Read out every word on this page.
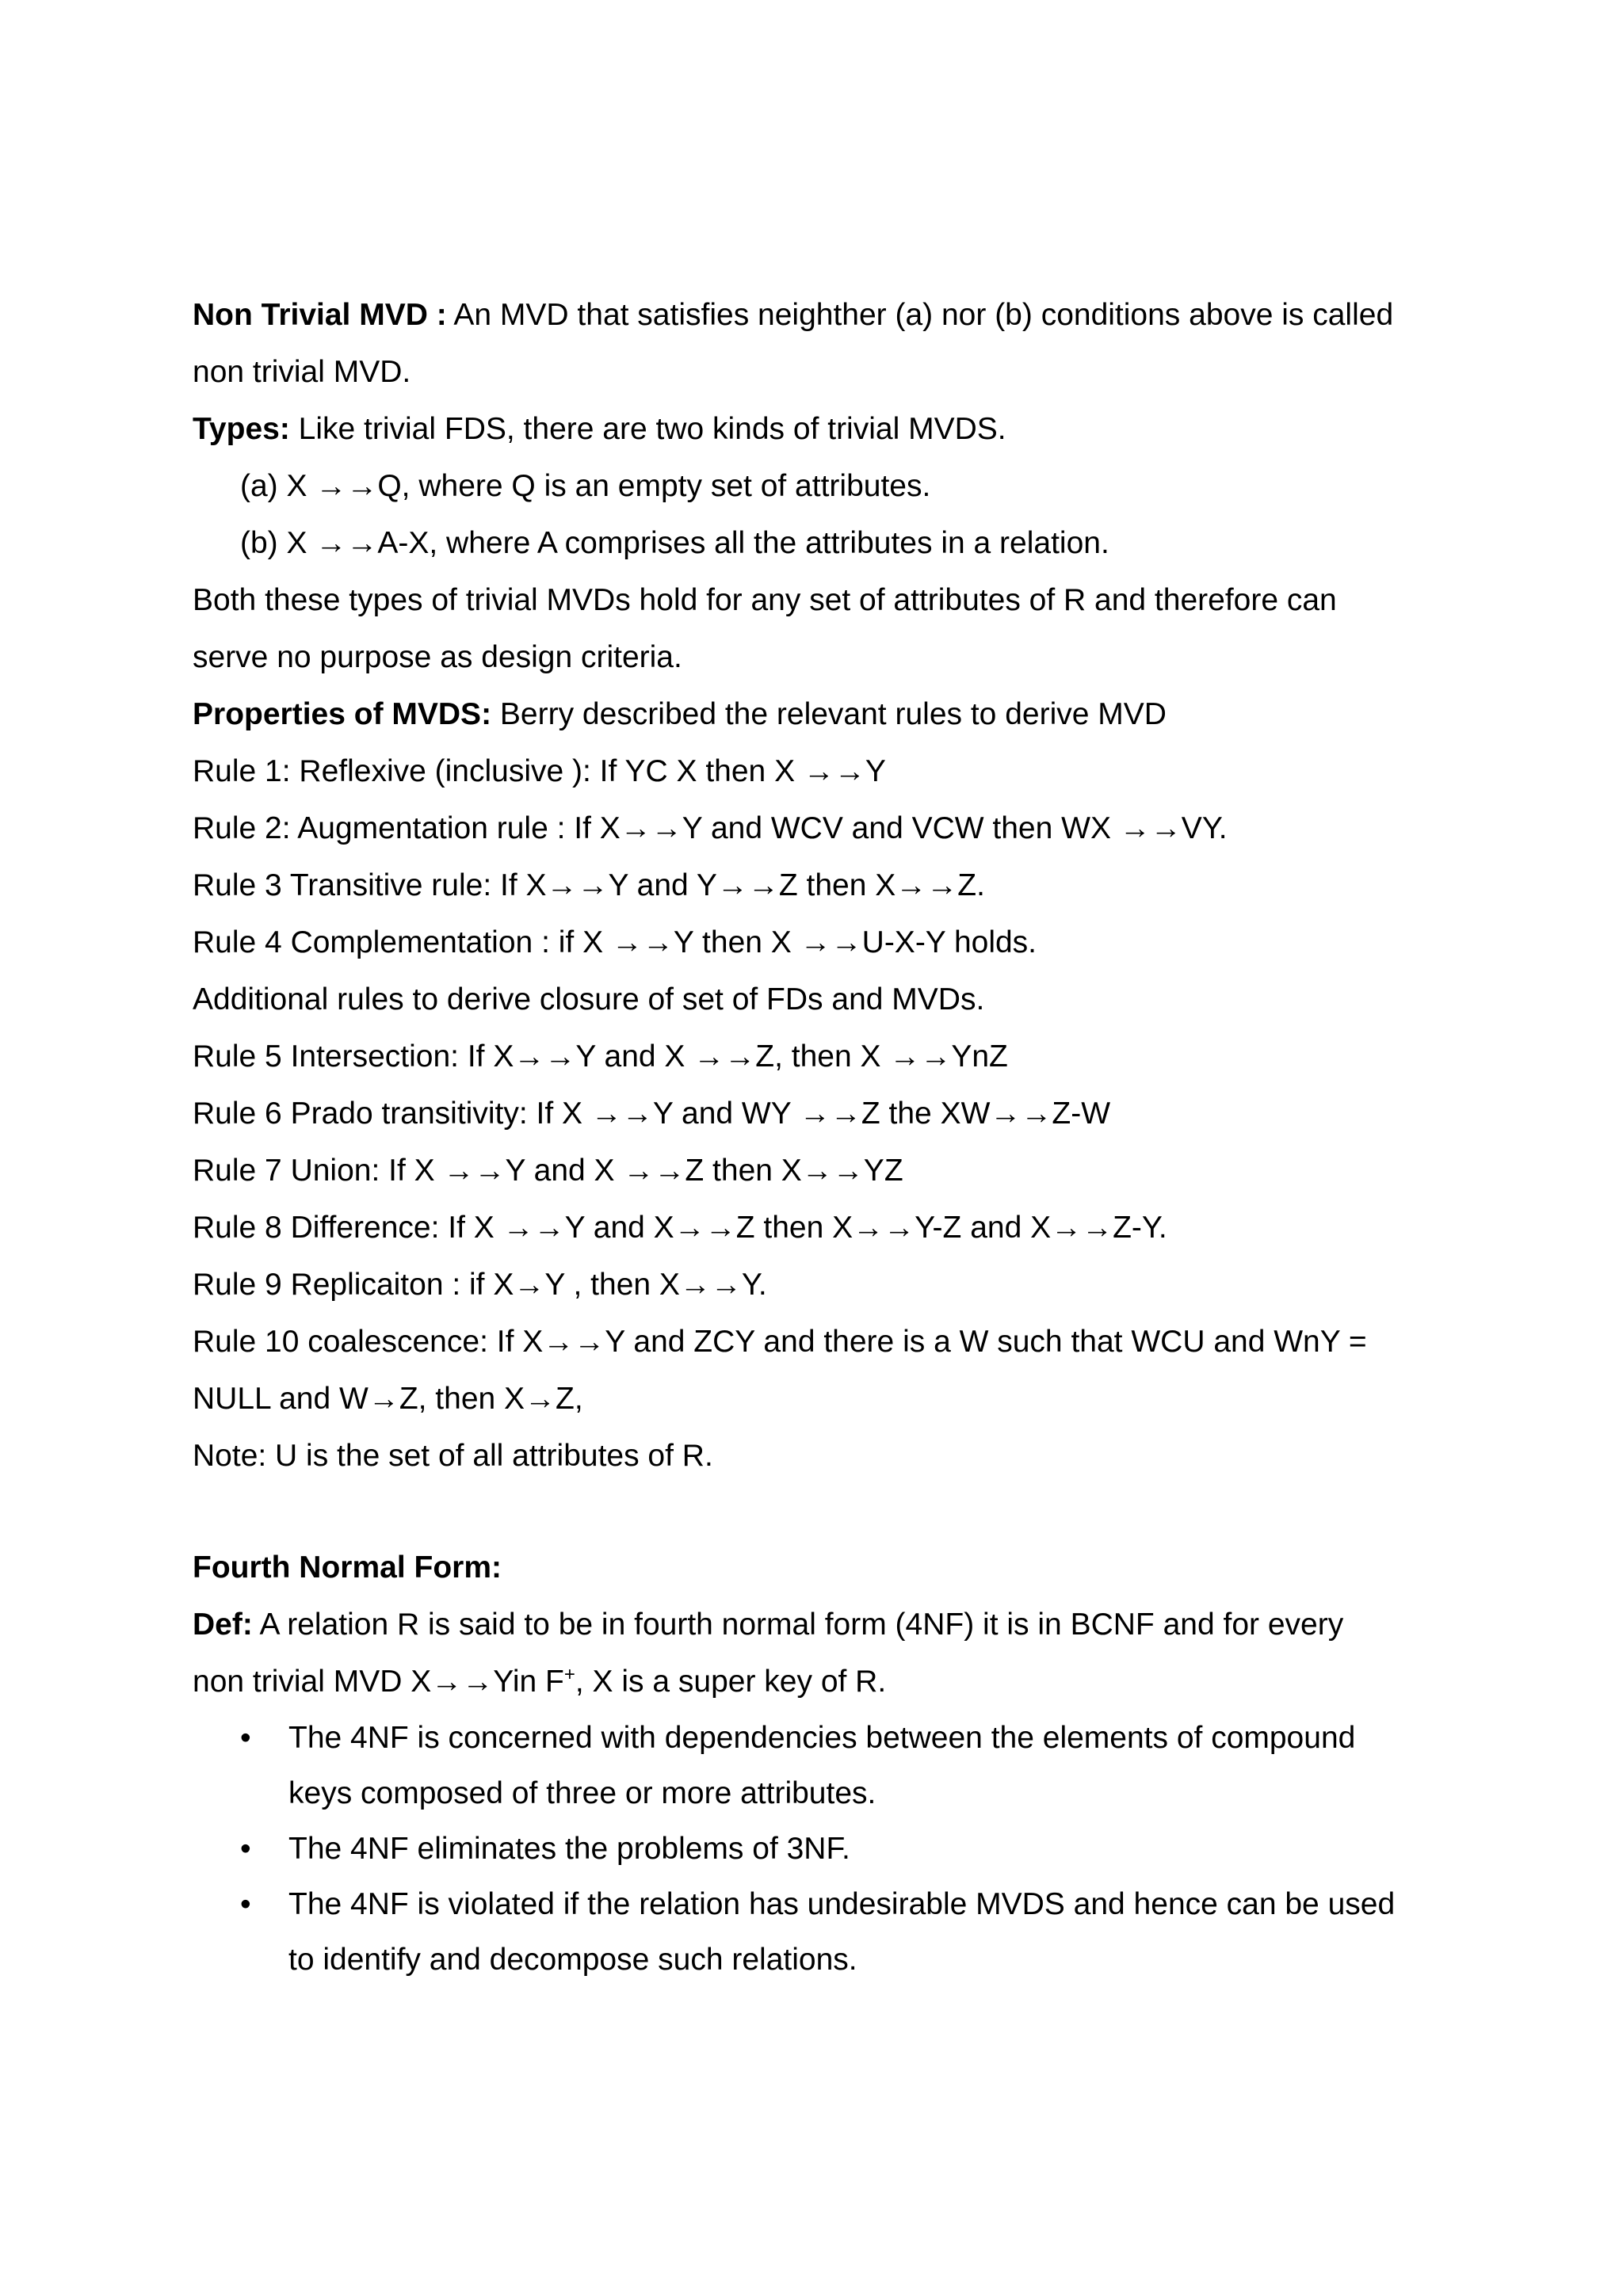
Non Trivial MVD : An MVD that satisfies neighther (a) nor (b) conditions above is called
non trivial MVD.
Types: Like trivial FDS, there are two kinds of trivial MVDS.
(a) X →→Q, where Q is an empty set of attributes.
(b) X →→A-X, where A comprises all the attributes in a relation.
Both these types of trivial MVDs hold for any set of attributes of R and therefore can
serve no purpose as design criteria.
Properties of MVDS: Berry described the relevant rules to derive MVD
Rule 1: Reflexive (inclusive ): If YC X then X →→Y
Rule 2: Augmentation rule : If X→→Y and WCV and VCW then WX →→VY.
Rule 3 Transitive rule: If X→→Y and Y→→Z then X→→Z.
Rule 4 Complementation : if X →→Y then X →→U-X-Y holds.
Additional rules to derive closure of set of FDs and MVDs.
Rule 5 Intersection: If X→→Y and X →→Z, then X →→YnZ
Rule 6 Prado transitivity: If X →→Y and WY →→Z the XW→→Z-W
Rule 7 Union: If X →→Y and X →→Z then X→→YZ
Rule 8 Difference: If X →→Y and X→→Z then X→→Y-Z and X→→Z-Y.
Rule 9 Replicaiton : if X→Y , then X→→Y.
Rule 10 coalescence: If X→→Y and ZCY and there is a W such that WCU and WnY =
NULL and W→Z, then X→Z,
Note: U is the set of all attributes of R.
Fourth Normal Form:
Def: A relation R is said to be in fourth normal form (4NF) it is in BCNF and for every
non trivial MVD X→→Yin F+, X is a super key of R.
• The 4NF is concerned with dependencies between the elements of compound
keys composed of three or more attributes.
• The 4NF eliminates the problems of 3NF.
• The 4NF is violated if the relation has undesirable MVDS and hence can be used
to identify and decompose such relations.
